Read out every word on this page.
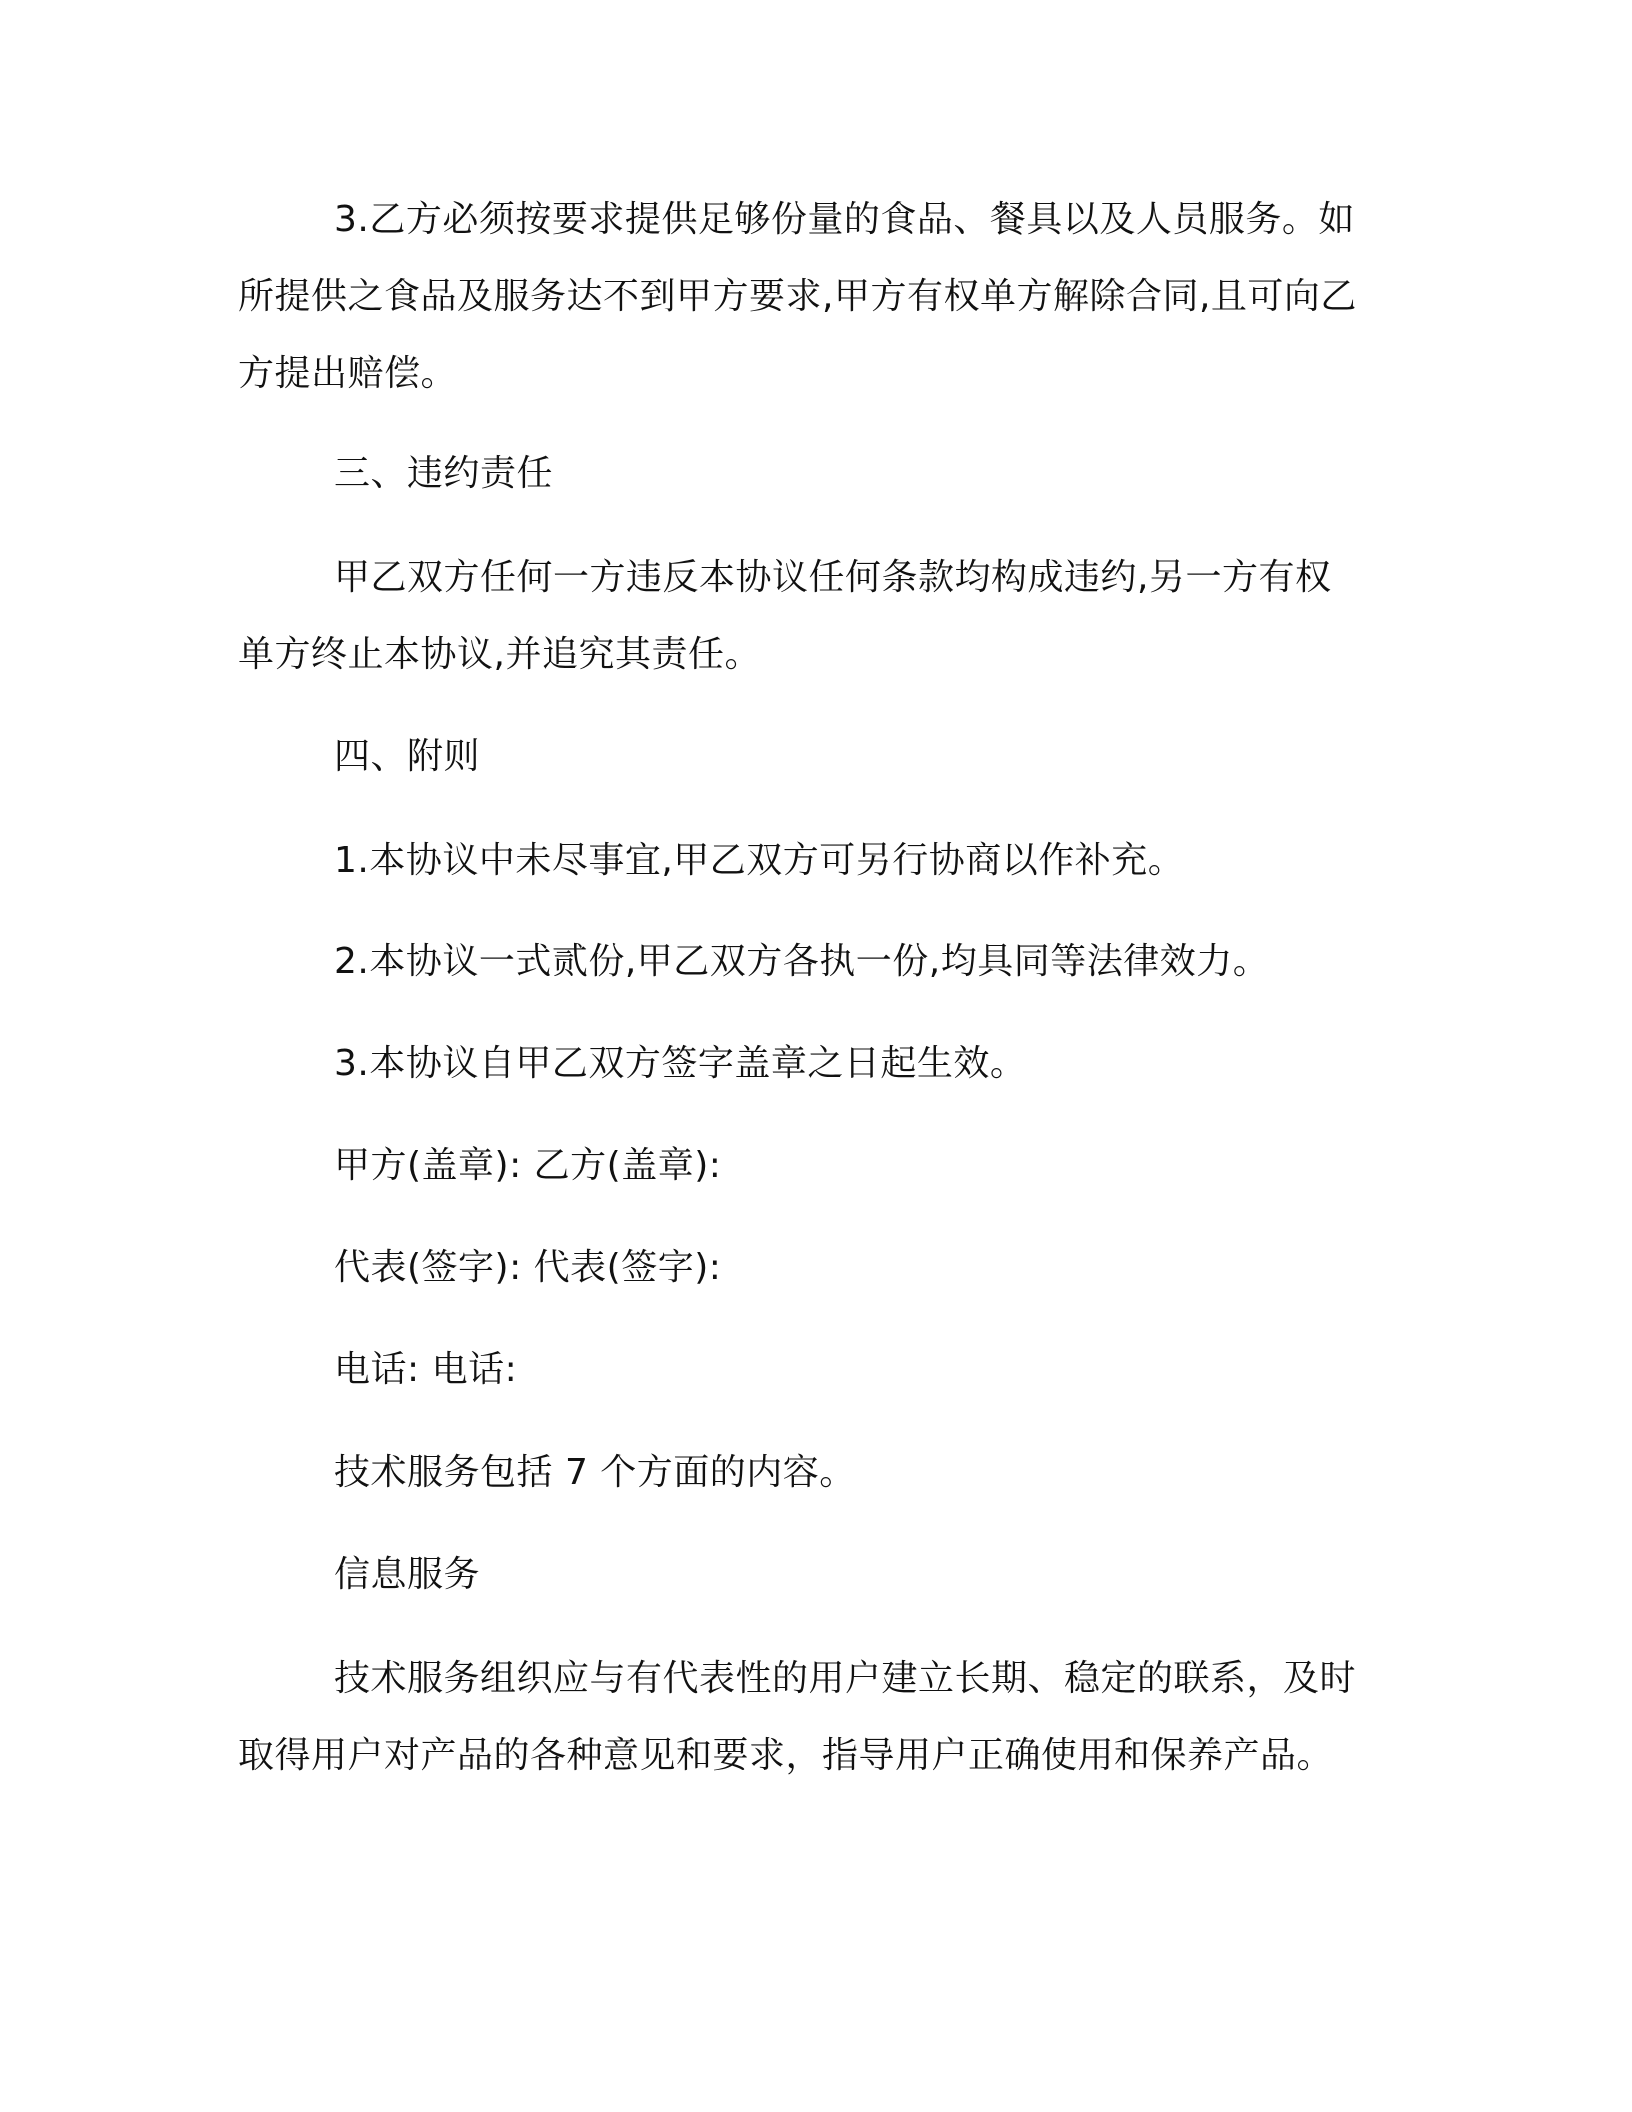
3.乙方必须按要求提供足够份量的食品、餐具以及人员服务。如
所提供之食品及服务达不到甲方要求,甲方有权单方解除合同,且可向乙
方提出赔偿。
三、违约责任
甲乙双方任何一方违反本协议任何条款均构成违约,另一方有权
单方终止本协议,并追究其责任。
四、附则
1.本协议中未尽事宜,甲乙双方可另行协商以作补充。
2.本协议一式贰份,甲乙双方各执一份,均具同等法律效力。
3.本协议自甲乙双方签字盖章之日起生效。
甲方(盖章): 乙方(盖章):
代表(签字): 代表(签字):
电话: 电话:
技术服务包括 7 个方面的内容。
信息服务
技术服务组织应与有代表性的用户建立长期、稳定的联系，及时
取得用户对产品的各种意见和要求，指导用户正确使用和保养产品。
